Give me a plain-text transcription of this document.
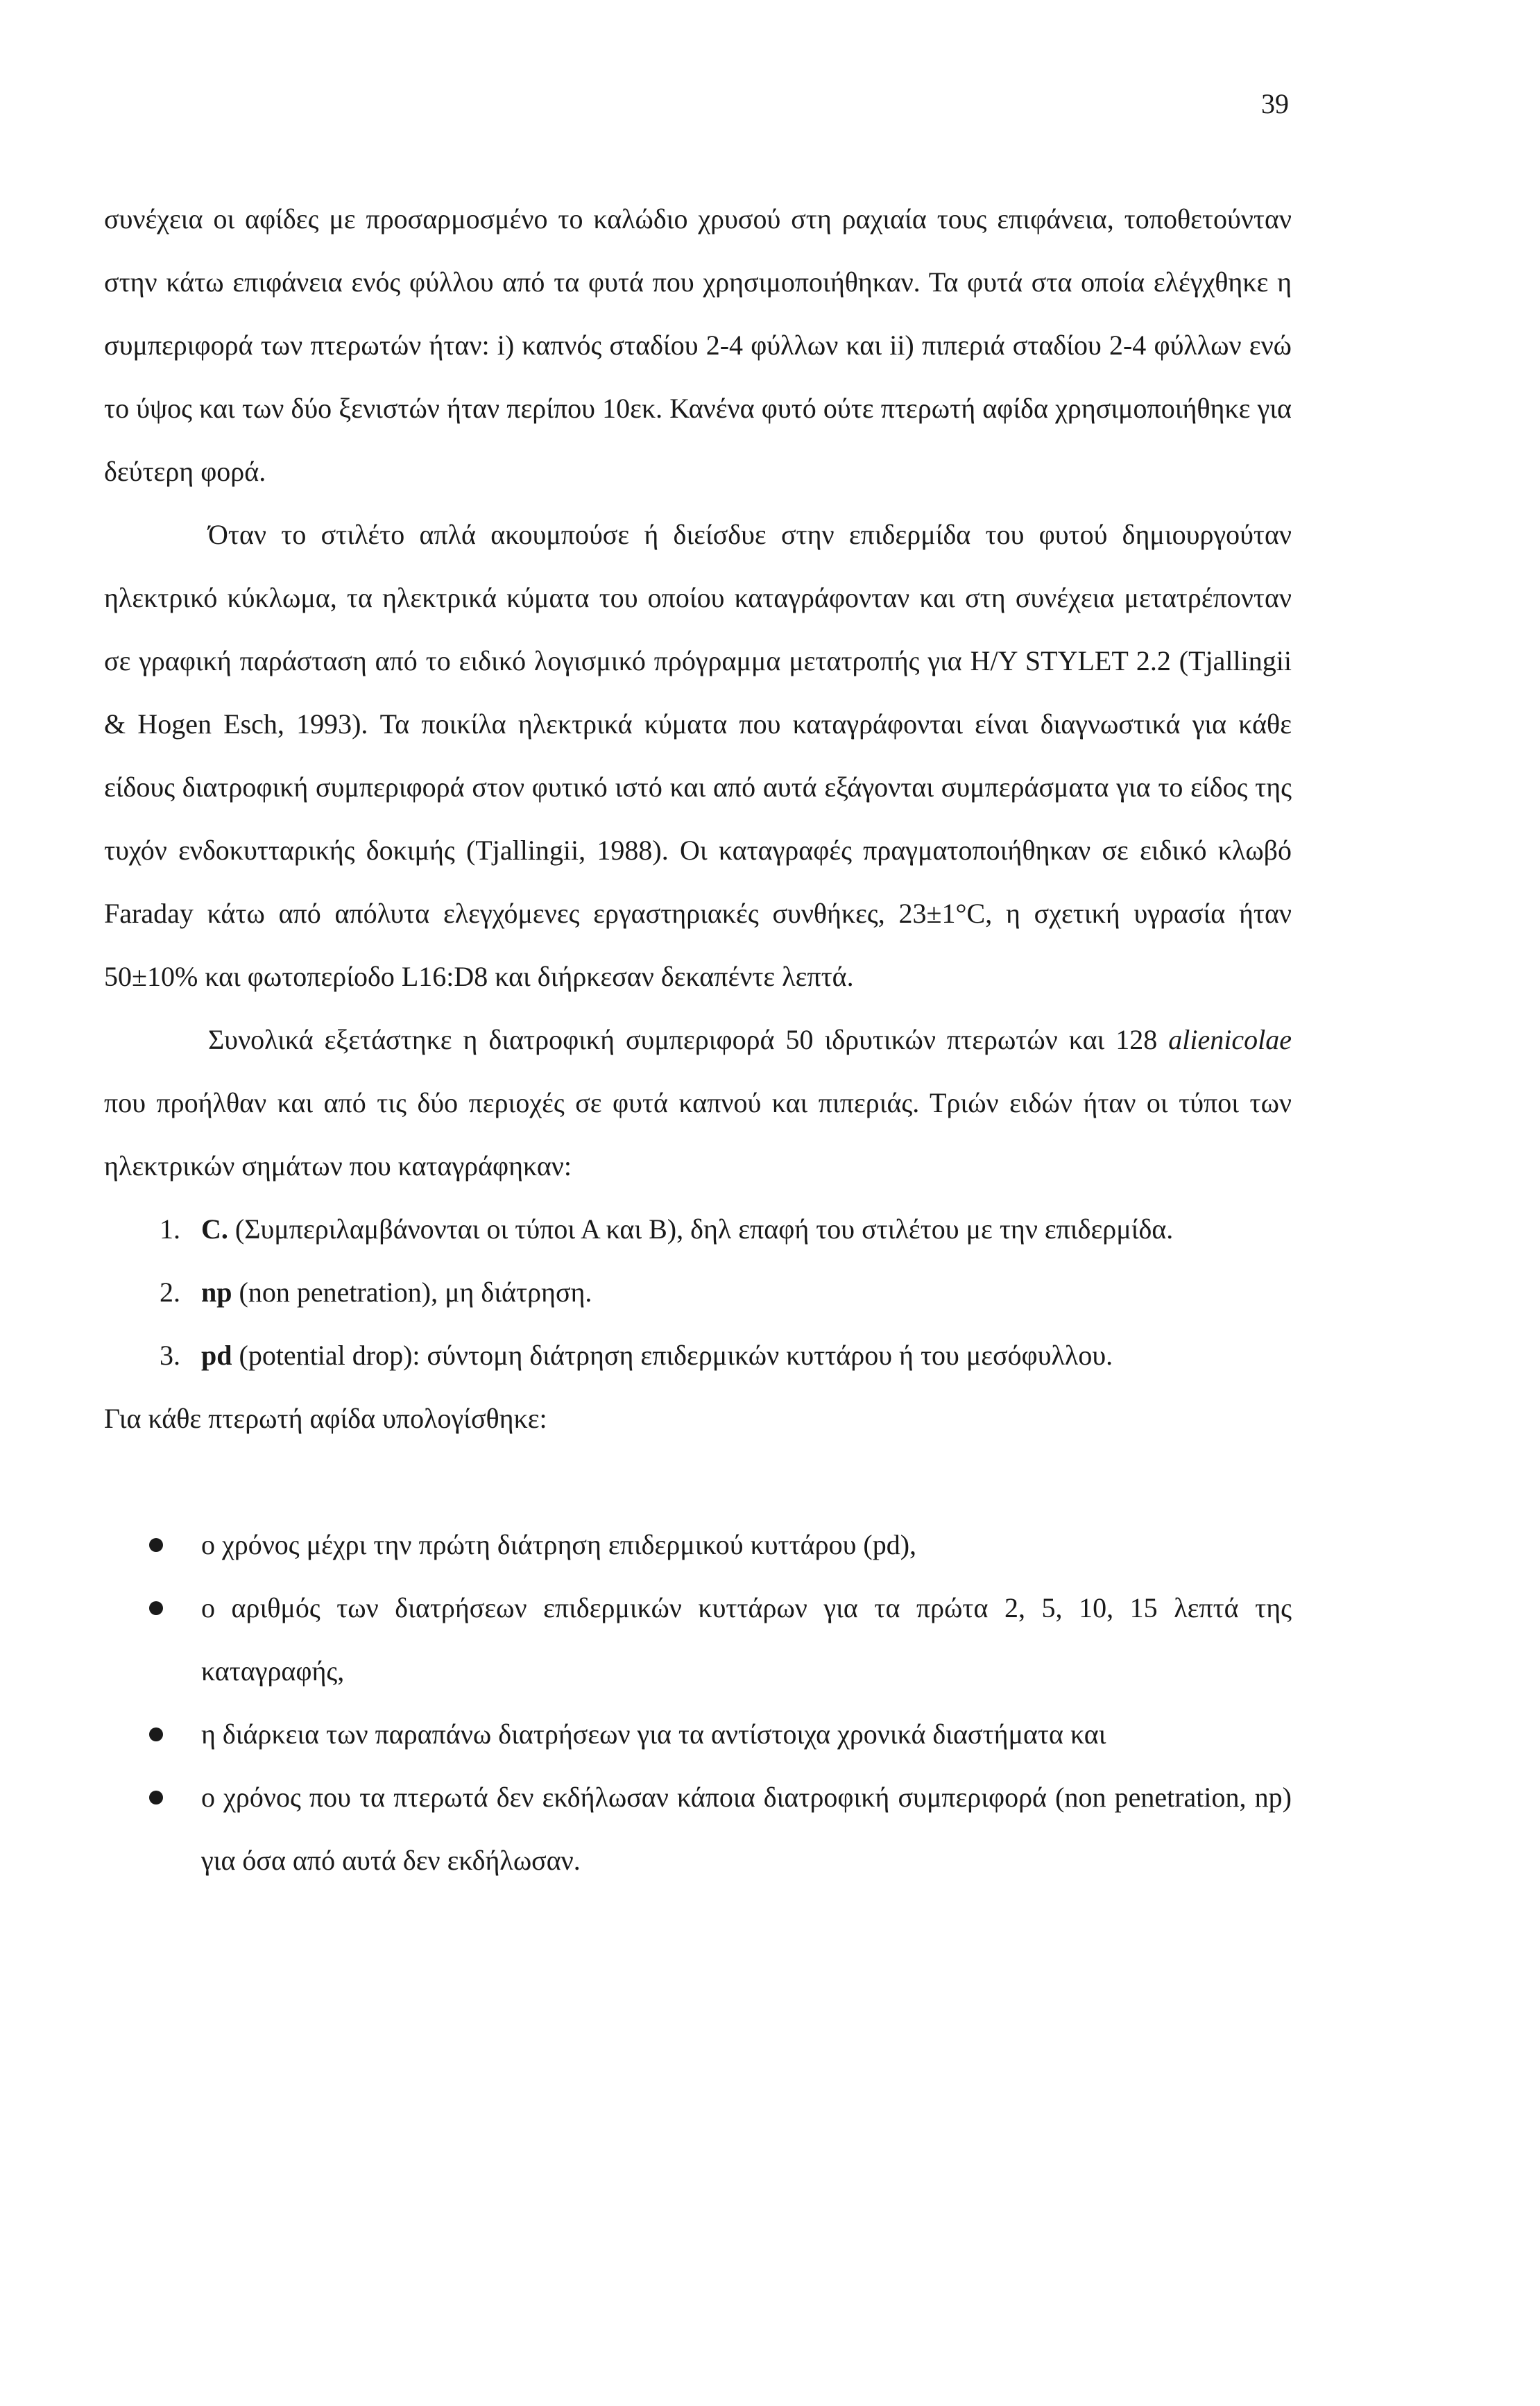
39

συνέχεια οι αφίδες με προσαρμοσμένο το καλώδιο χρυσού στη ραχιαία τους επιφάνεια, τοποθετούνταν στην κάτω επιφάνεια ενός φύλλου από τα φυτά που χρησιμοποιήθηκαν. Τα φυτά στα οποία ελέγχθηκε η συμπεριφορά των πτερωτών ήταν: i) καπνός σταδίου 2-4 φύλλων και ii) πιπεριά σταδίου 2-4 φύλλων ενώ το ύψος και των δύο ξενιστών ήταν περίπου 10εκ. Κανένα φυτό ούτε πτερωτή αφίδα χρησιμοποιήθηκε για δεύτερη φορά.

Όταν το στιλέτο απλά ακουμπούσε ή διείσδυε στην επιδερμίδα του φυτού δημιουργούταν ηλεκτρικό κύκλωμα, τα ηλεκτρικά κύματα του οποίου καταγράφονταν και στη συνέχεια μετατρέπονταν σε γραφική παράσταση από το ειδικό λογισμικό πρόγραμμα μετατροπής για H/Y STYLET 2.2 (Tjallingii & Hogen Esch, 1993). Τα ποικίλα ηλεκτρικά κύματα που καταγράφονται είναι διαγνωστικά για κάθε είδους διατροφική συμπεριφορά στον φυτικό ιστό και από αυτά εξάγονται συμπεράσματα για το είδος της τυχόν ενδοκυτταρικής δοκιμής (Tjallingii, 1988). Οι καταγραφές πραγματοποιήθηκαν σε ειδικό κλωβό Faraday κάτω από απόλυτα ελεγχόμενες εργαστηριακές συνθήκες, 23±1°C, η σχετική υγρασία ήταν 50±10% και φωτοπερίοδο L16:D8 και διήρκεσαν δεκαπέντε λεπτά.

Συνολικά εξετάστηκε η διατροφική συμπεριφορά 50 ιδρυτικών πτερωτών και 128 alienicolae που προήλθαν και από τις δύο περιοχές σε φυτά καπνού και πιπεριάς. Τριών ειδών ήταν οι τύποι των ηλεκτρικών σημάτων που καταγράφηκαν:

1. C. (Συμπεριλαμβάνονται οι τύποι Α και Β), δηλ επαφή του στιλέτου με την επιδερμίδα.

2. np (non penetration), μη διάτρηση.

3. pd (potential drop): σύντομη διάτρηση επιδερμικών κυττάρου ή του μεσόφυλλου.

Για κάθε πτερωτή αφίδα υπολογίσθηκε:

ο χρόνος μέχρι την πρώτη διάτρηση επιδερμικού κυττάρου (pd),
ο αριθμός των διατρήσεων επιδερμικών κυττάρων για τα πρώτα 2, 5, 10, 15 λεπτά της καταγραφής,
η διάρκεια των παραπάνω διατρήσεων για τα αντίστοιχα χρονικά διαστήματα και
ο χρόνος που τα πτερωτά δεν εκδήλωσαν κάποια διατροφική συμπεριφορά (non penetration, np) για όσα από αυτά δεν εκδήλωσαν.
